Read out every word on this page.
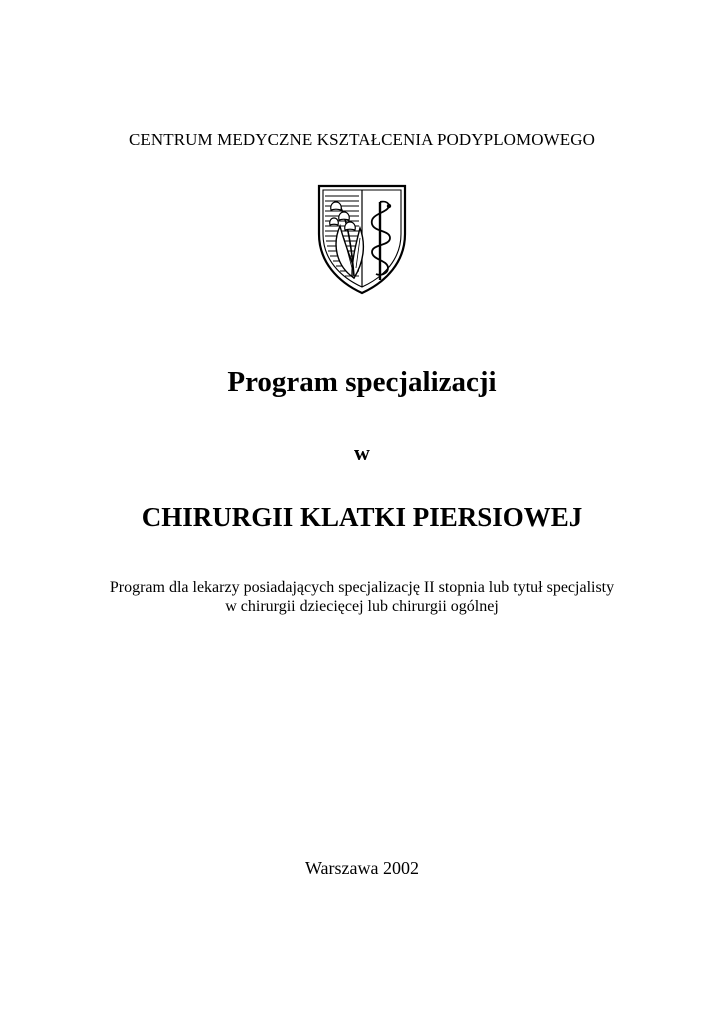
CENTRUM MEDYCZNE KSZTAŁCENIA PODYPLOMOWEGO
Program specjalizacji
w
CHIRURGII KLATKI PIERSIOWEJ
Program dla lekarzy posiadających specjalizację II stopnia lub tytuł specjalisty
w chirurgii dziecięcej lub chirurgii ogólnej
Warszawa 2002
